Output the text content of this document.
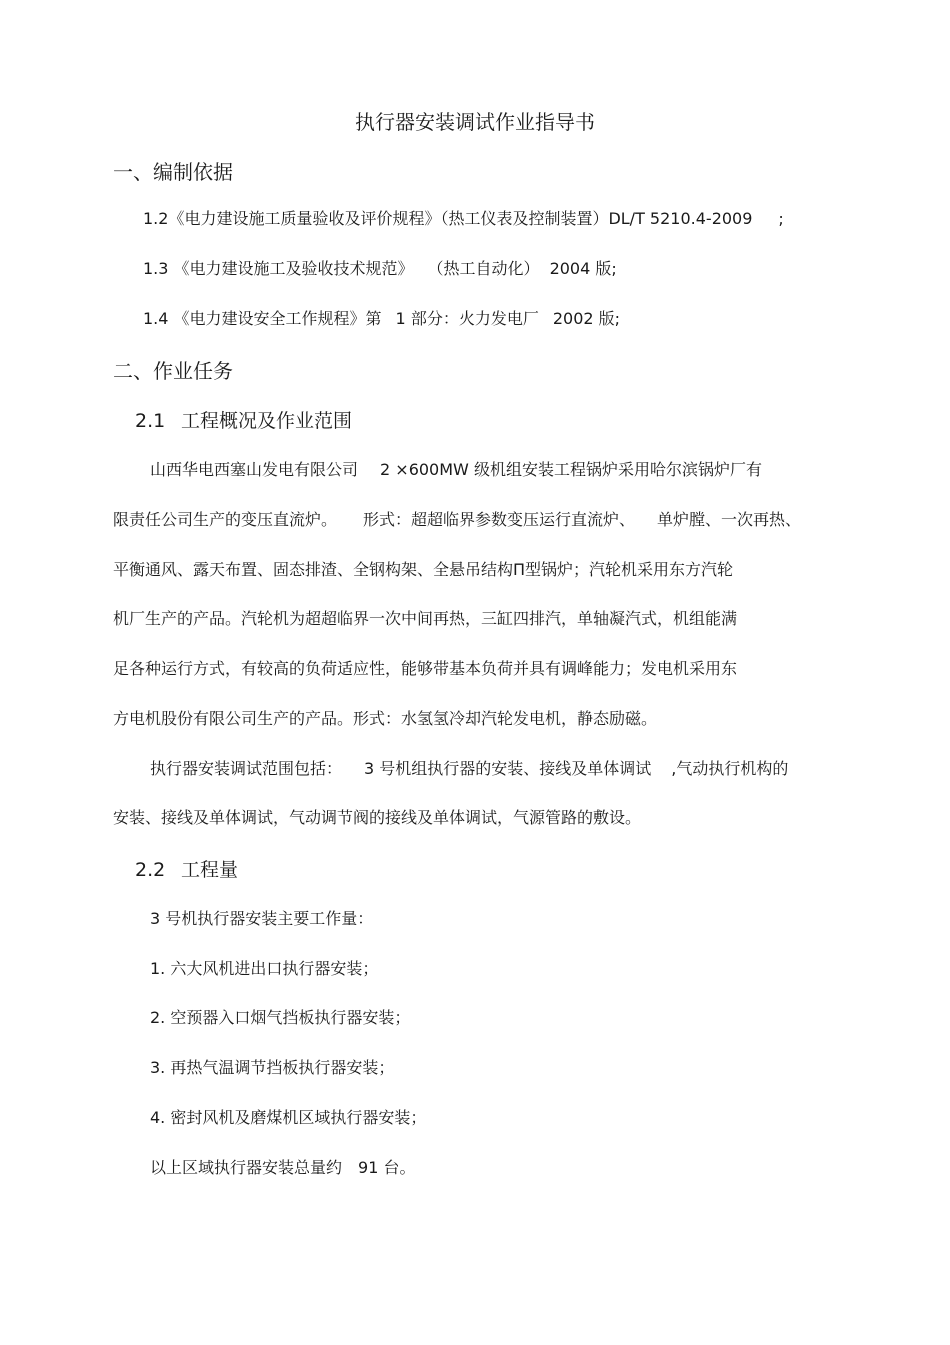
执行器安装调试作业指导书
一、编制依据
1.2《电力建设施工质量验收及评价规程》（热工仪表及控制装置）DL/T 5210.4-2009 ;
1.3 《电力建设施工及验收技术规范》 （热工自动化） 2004 版;
1.4 《电力建设安全工作规程》第 1 部分：火力发电厂 2002 版;
二、作业任务
2.1 工程概况及作业范围
山西华电西塞山发电有限公司 2 ×600MW 级机组安装工程锅炉采用哈尔滨锅炉厂有
限责任公司生产的变压直流炉。 形式：超超临界参数变压运行直流炉、 单炉膛、一次再热、
平衡通风、露天布置、固态排渣、全钢构架、全悬吊结构Π型锅炉；汽轮机采用东方汽轮
机厂生产的产品。汽轮机为超超临界一次中间再热，三缸四排汽，单轴凝汽式，机组能满
足各种运行方式，有较高的负荷适应性，能够带基本负荷并具有调峰能力；发电机采用东
方电机股份有限公司生产的产品。形式：水氢氢冷却汽轮发电机，静态励磁。
执行器安装调试范围包括： 3 号机组执行器的安装、接线及单体调试 ,气动执行机构的
安装、接线及单体调试，气动调节阀的接线及单体调试，气源管路的敷设。
2.2 工程量
3 号机执行器安装主要工作量：
1. 六大风机进出口执行器安装；
2. 空预器入口烟气挡板执行器安装；
3. 再热气温调节挡板执行器安装；
4. 密封风机及磨煤机区域执行器安装；
以上区域执行器安装总量约 91 台。
